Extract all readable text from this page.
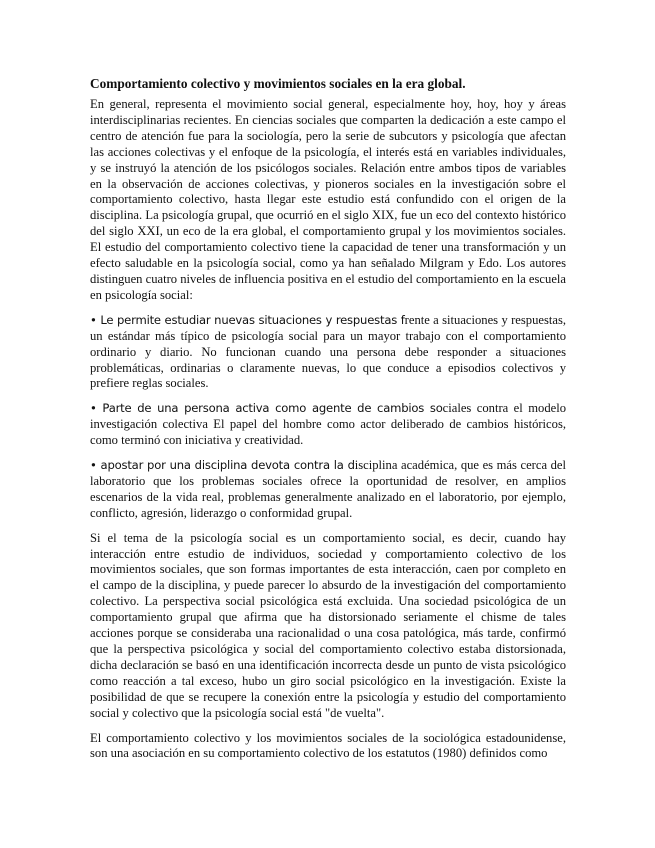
Comportamiento colectivo y movimientos sociales en la era global.

En general, representa el movimiento social general, especialmente hoy, hoy, hoy y áreas interdisciplinarias recientes. En ciencias sociales que comparten la dedicación a este campo el centro de atención fue para la sociología, pero la serie de subcutors y psicología que afectan las acciones colectivas y el enfoque de la psicología, el interés está en variables individuales, y se instruyó la atención de los psicólogos sociales. Relación entre ambos tipos de variables en la observación de acciones colectivas, y pioneros sociales en la investigación sobre el comportamiento colectivo, hasta llegar este estudio está confundido con el origen de la disciplina. La psicología grupal, que ocurrió en el siglo XIX, fue un eco del contexto histórico del siglo XXI, un eco de la era global, el comportamiento grupal y los movimientos sociales. El estudio del comportamiento colectivo tiene la capacidad de tener una transformación y un efecto saludable en la psicología social, como ya han señalado Milgram y Edo. Los autores distinguen cuatro niveles de influencia positiva en el estudio del comportamiento en la escuela en psicología social:

• Le permite estudiar nuevas situaciones y respuestas frente a situaciones y respuestas, un estándar más típico de psicología social para un mayor trabajo con el comportamiento ordinario y diario. No funcionan cuando una persona debe responder a situaciones problemáticas, ordinarias o claramente nuevas, lo que conduce a episodios colectivos y prefiere reglas sociales.

• Parte de una persona activa como agente de cambios sociales contra el modelo investigación colectiva El papel del hombre como actor deliberado de cambios históricos, como terminó con iniciativa y creatividad.

• apostar por una disciplina devota contra la disciplina académica, que es más cerca del laboratorio que los problemas sociales ofrece la oportunidad de resolver, en amplios escenarios de la vida real, problemas generalmente analizado en el laboratorio, por ejemplo, conflicto, agresión, liderazgo o conformidad grupal.

Si el tema de la psicología social es un comportamiento social, es decir, cuando hay interacción entre estudio de individuos, sociedad y comportamiento colectivo de los movimientos sociales, que son formas importantes de esta interacción, caen por completo en el campo de la disciplina, y puede parecer lo absurdo de la investigación del comportamiento colectivo. La perspectiva social psicológica está excluida. Una sociedad psicológica de un comportamiento grupal que afirma que ha distorsionado seriamente el chisme de tales acciones porque se consideraba una racionalidad o una cosa patológica, más tarde, confirmó que la perspectiva psicológica y social del comportamiento colectivo estaba distorsionada, dicha declaración se basó en una identificación incorrecta desde un punto de vista psicológico como reacción a tal exceso, hubo un giro social psicológico en la investigación. Existe la posibilidad de que se recupere la conexión entre la psicología y estudio del comportamiento social y colectivo que la psicología social está "de vuelta".

El comportamiento colectivo y los movimientos sociales de la sociológica estadounidense, son una asociación en su comportamiento colectivo de los estatutos (1980) definidos como
